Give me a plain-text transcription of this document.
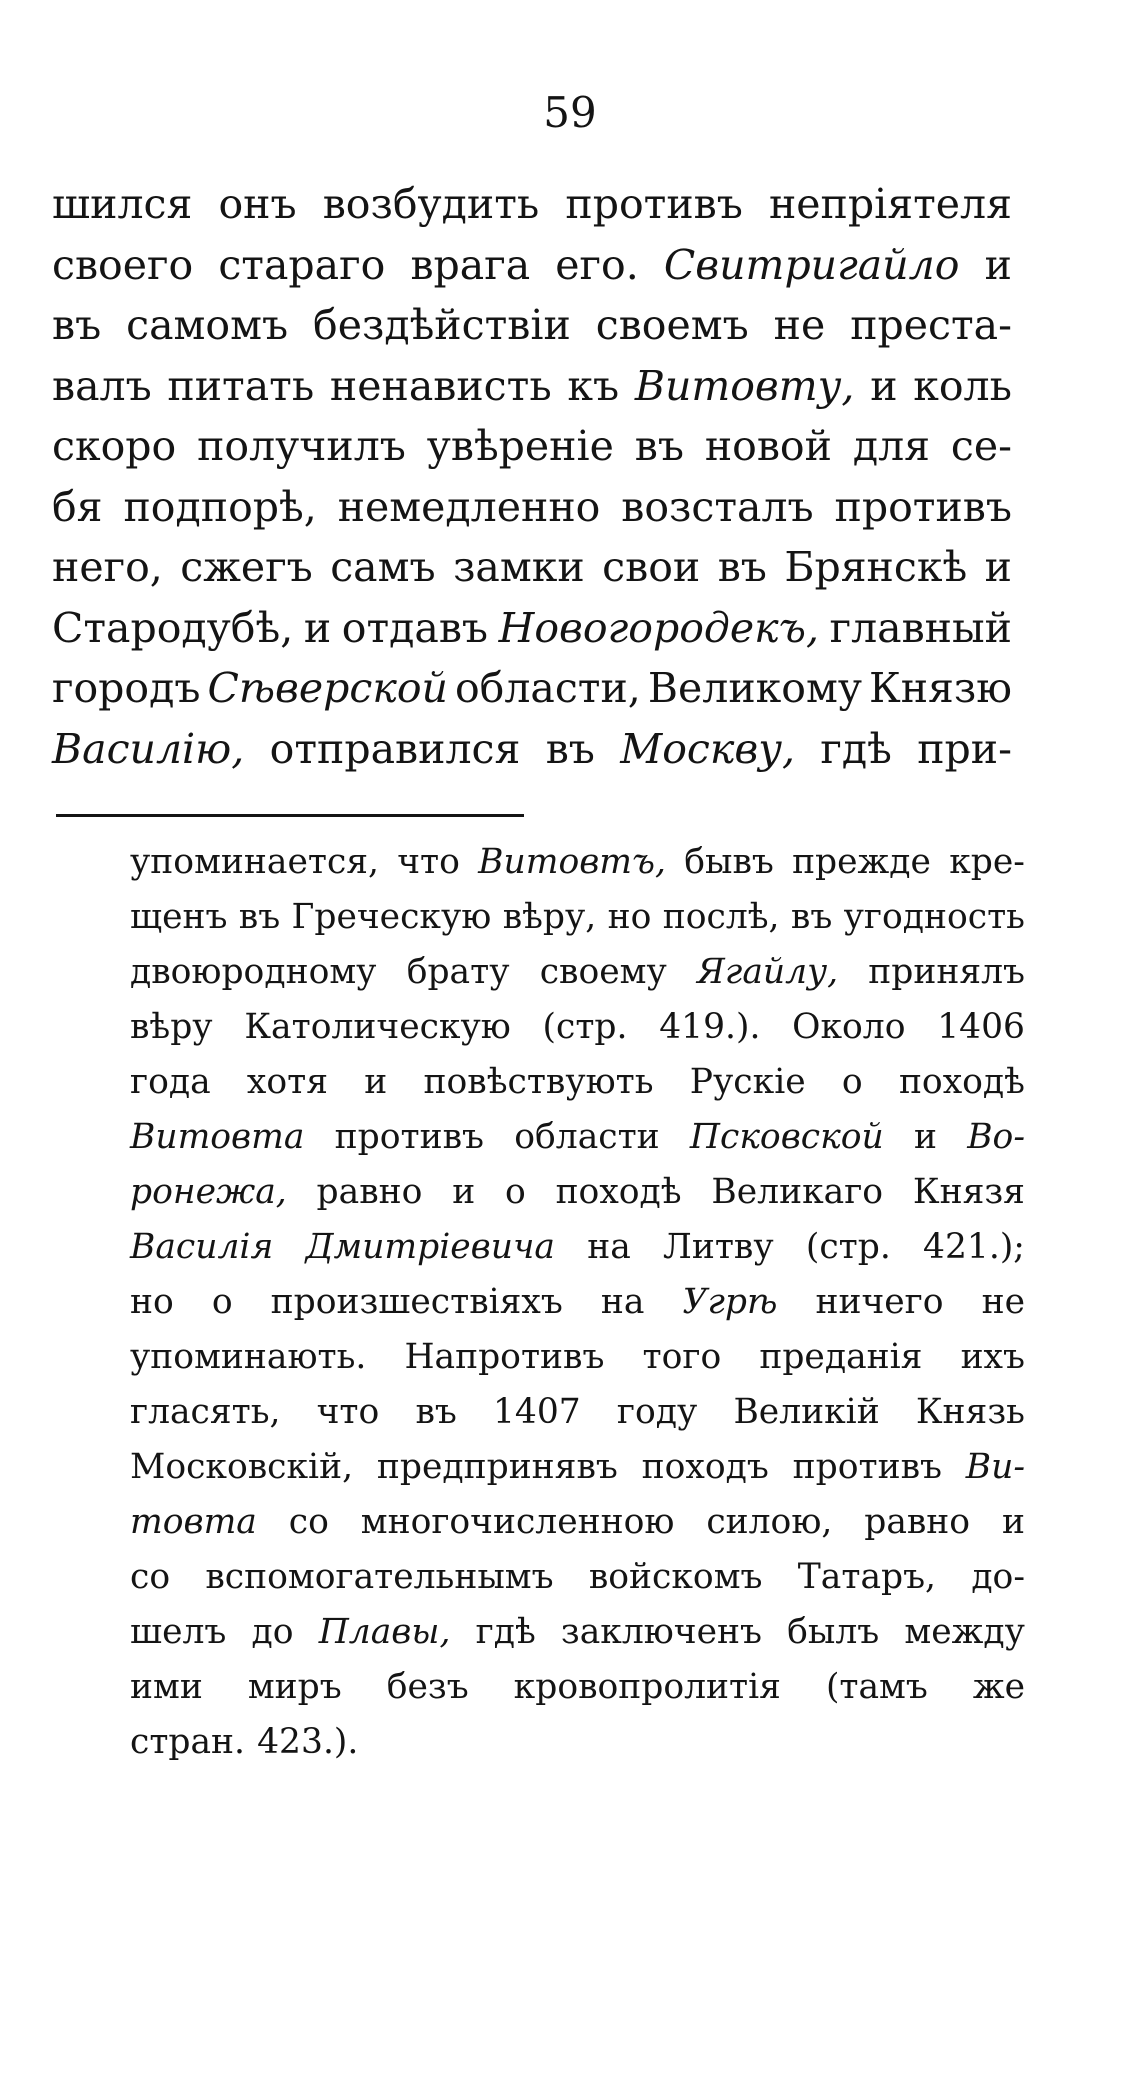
59
шился онъ возбудить противъ непріятеля
своего стараго врага его. Свитригайло и
въ самомъ бездѣйствіи своемъ не преста-
валъ питать ненависть къ Витовту, и коль
скоро получилъ увѣреніе въ новой для се-
бя подпорѣ, немедленно возсталъ противъ
него, сжегъ самъ замки свои въ Брянскѣ и
Стародубѣ, и отдавъ Новогородекъ, главный
городъ Сѣверской области, Великому Князю
Василію, отправился въ Москву, гдѣ при-
упоминается, что Витовтъ, бывъ прежде кре-
щенъ въ Греческую вѣру, но послѣ, въ угодность
двоюродному брату своему Ягайлу, принялъ
вѣру Католическую (стр. 419.). Около 1406
года хотя и повѣствують Рускіе о походѣ
Витовта противъ области Псковской и Во-
ронежа, равно и о походѣ Великаго Князя
Василія Дмитріевича на Литву (стр. 421.);
но о произшествіяхъ на Угрѣ ничего не
упоминають. Напротивъ того преданія ихъ
гласять, что въ 1407 году Великій Князь
Московскій, предпринявъ походъ противъ Ви-
товта со многочисленною силою, равно и
со вспомогательнымъ войскомъ Татаръ, до-
шелъ до Плавы, гдѣ заключенъ былъ между
ими миръ безъ кровопролитія (тамъ же
стран. 423.).
